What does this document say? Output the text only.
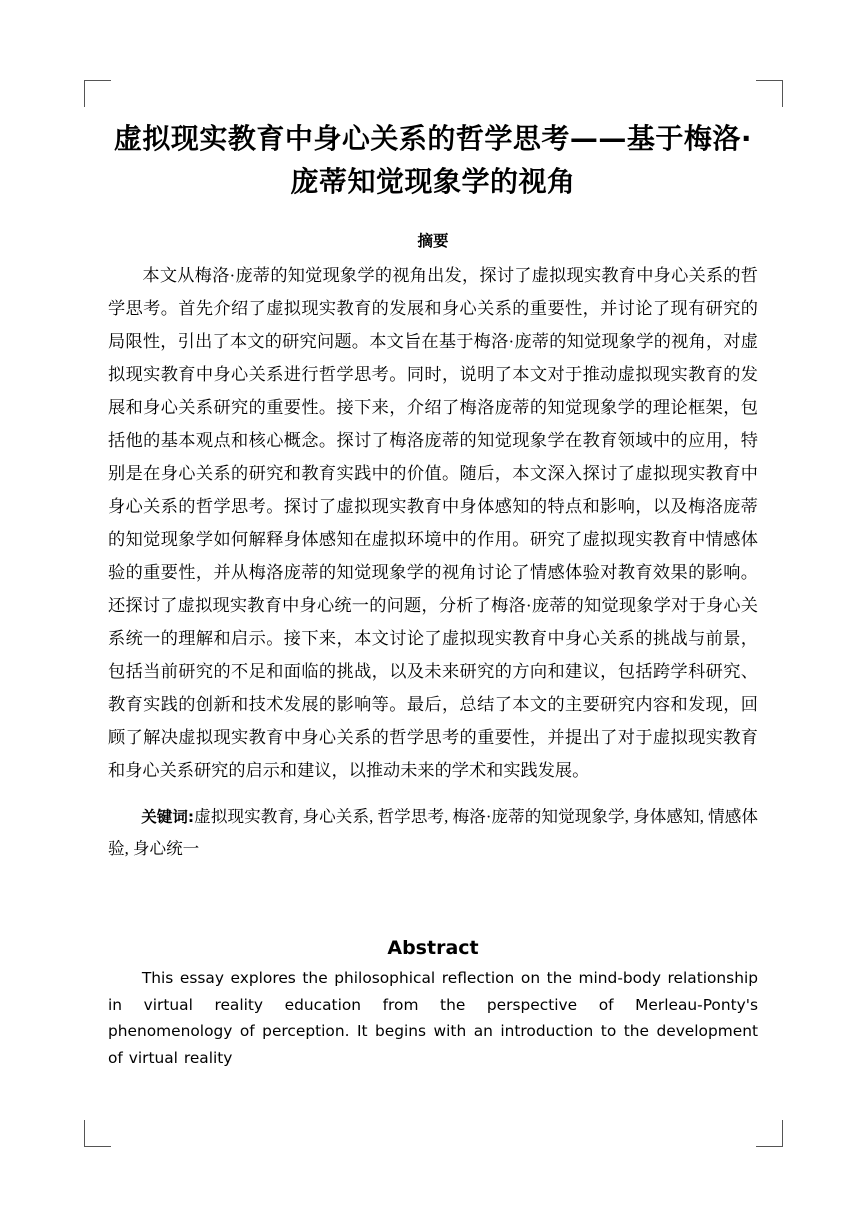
虚拟现实教育中身心关系的哲学思考——基于梅洛·庞蒂知觉现象学的视角
摘要

本文从梅洛·庞蒂的知觉现象学的视角出发，探讨了虚拟现实教育中身心关系的哲学思考。首先介绍了虚拟现实教育的发展和身心关系的重要性，并讨论了现有研究的局限性，引出了本文的研究问题。本文旨在基于梅洛·庞蒂的知觉现象学的视角，对虚拟现实教育中身心关系进行哲学思考。同时，说明了本文对于推动虚拟现实教育的发展和身心关系研究的重要性。接下来，介绍了梅洛庞蒂的知觉现象学的理论框架，包括他的基本观点和核心概念。探讨了梅洛庞蒂的知觉现象学在教育领域中的应用，特别是在身心关系的研究和教育实践中的价值。随后，本文深入探讨了虚拟现实教育中身心关系的哲学思考。探讨了虚拟现实教育中身体感知的特点和影响，以及梅洛庞蒂的知觉现象学如何解释身体感知在虚拟环境中的作用。研究了虚拟现实教育中情感体验的重要性，并从梅洛庞蒂的知觉现象学的视角讨论了情感体验对教育效果的影响。还探讨了虚拟现实教育中身心统一的问题，分析了梅洛·庞蒂的知觉现象学对于身心关系统一的理解和启示。接下来，本文讨论了虚拟现实教育中身心关系的挑战与前景，包括当前研究的不足和面临的挑战，以及未来研究的方向和建议，包括跨学科研究、教育实践的创新和技术发展的影响等。最后，总结了本文的主要研究内容和发现，回顾了解决虚拟现实教育中身心关系的哲学思考的重要性，并提出了对于虚拟现实教育和身心关系研究的启示和建议，以推动未来的学术和实践发展。

关键词:虚拟现实教育, 身心关系, 哲学思考, 梅洛·庞蒂的知觉现象学, 身体感知, 情感体验, 身心统一

Abstract

This essay explores the philosophical reflection on the mind-body relationship in virtual reality education from the perspective of Merleau-Ponty's phenomenology of perception. It begins with an introduction to the development of virtual reality
